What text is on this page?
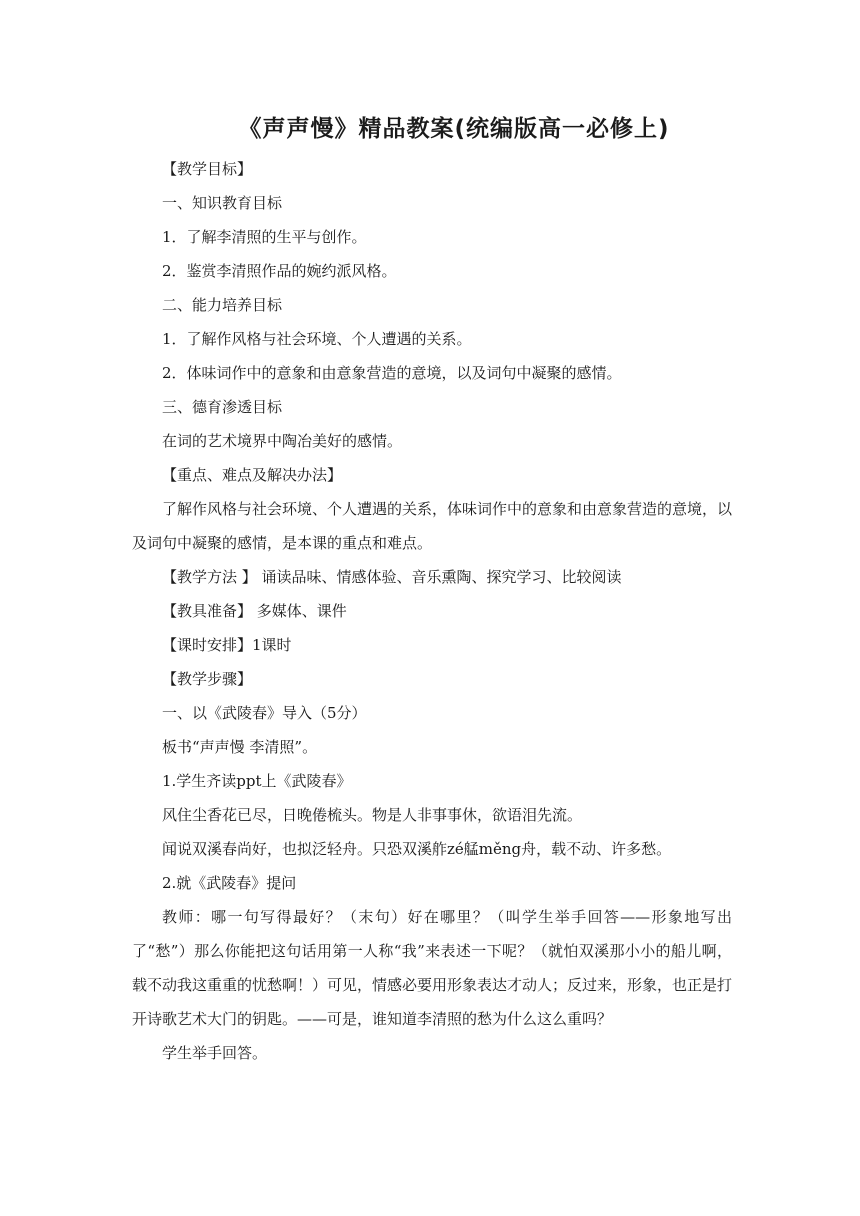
《声声慢》精品教案(统编版高一必修上)

【教学目标】

一、知识教育目标

1．了解李清照的生平与创作。

2．鉴赏李清照作品的婉约派风格。

二、能力培养目标

1．了解作风格与社会环境、个人遭遇的关系。

2．体味词作中的意象和由意象营造的意境，以及词句中凝聚的感情。

三、德育渗透目标

在词的艺术境界中陶冶美好的感情。

【重点、难点及解决办法】

了解作风格与社会环境、个人遭遇的关系，体味词作中的意象和由意象营造的意境，以及词句中凝聚的感情，是本课的重点和难点。

【教学方法 】 诵读品味、情感体验、音乐熏陶、探究学习、比较阅读

【教具准备】 多媒体、课件

【课时安排】1课时

【教学步骤】

一、以《武陵春》导入（5分）

板书“声声慢 李清照”。

1.学生齐读ppt上《武陵春》

风住尘香花已尽，日晚倦梳头。物是人非事事休，欲语泪先流。

闻说双溪春尚好，也拟泛轻舟。只恐双溪舴zé艋měng舟，载不动、许多愁。

2.就《武陵春》提问

教师：哪一句写得最好？（末句）好在哪里？（叫学生举手回答——形象地写出了“愁”）那么你能把这句话用第一人称“我”来表述一下呢？（就怕双溪那小小的船儿啊，载不动我这重重的忧愁啊！）可见，情感必要用形象表达才动人；反过来，形象，也正是打开诗歌艺术大门的钥匙。——可是，谁知道李清照的愁为什么这么重吗？

学生举手回答。
